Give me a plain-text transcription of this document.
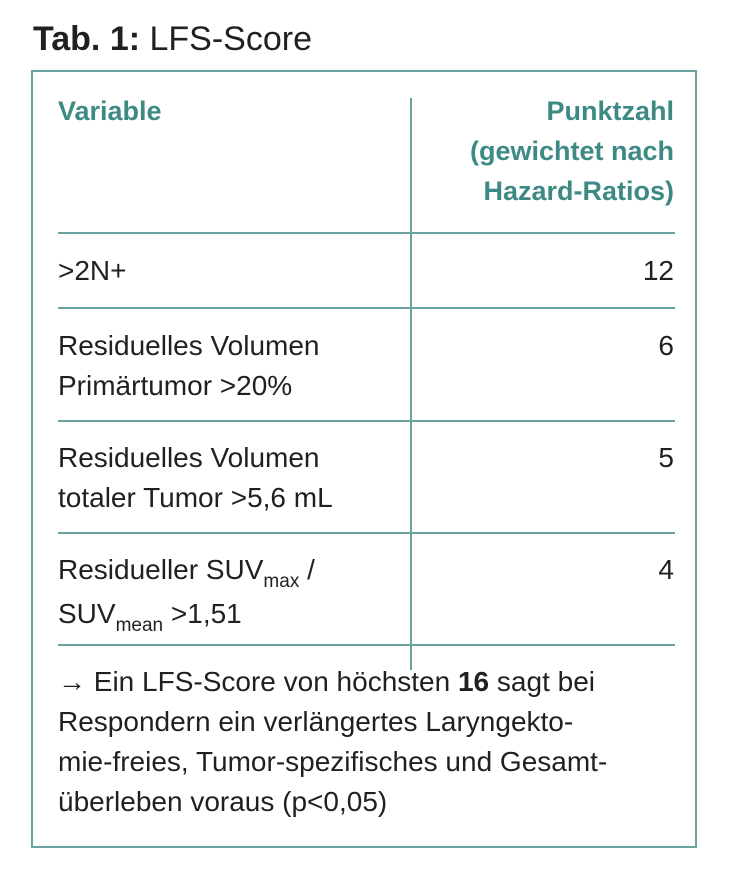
Tab. 1: LFS-Score
Variable	Punktzahl
(gewichtet nach
Hazard-Ratios)
>2N+	12
Residuelles Volumen
Primärtumor >20%
6
Residuelles Volumen
totaler Tumor >5,6 mL
5
Residueller $SUV_{max}$ /
$SUV_{mean} >1,51$
4
→ Ein LFS-Score von höchsten 16 sagt bei
Respondern ein verlängertes Laryngekto-
mie-freies, Tumor-spezifisches und Gesamt-
überleben voraus (p<0,05)
